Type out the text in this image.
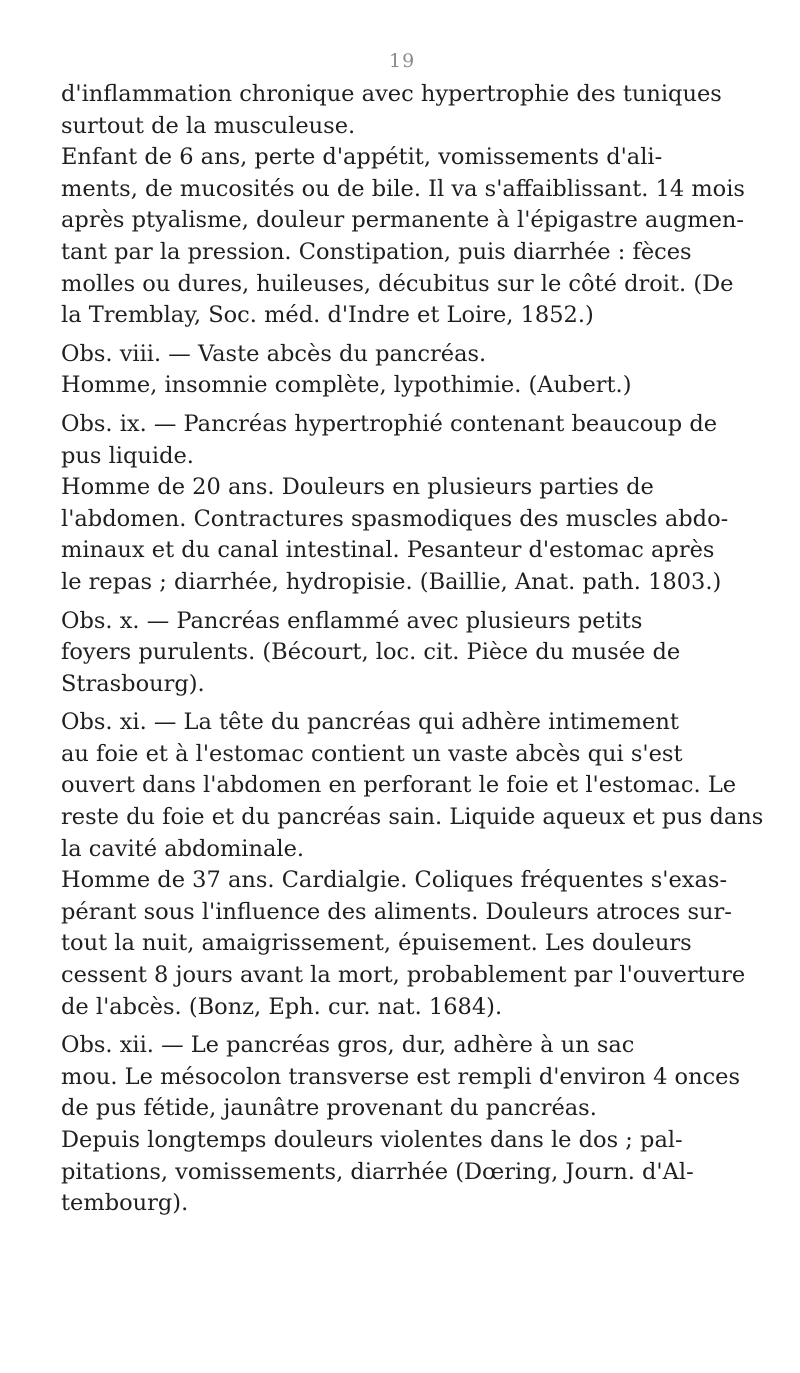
19
d'inflammation chronique avec hypertrophie des tuniques
surtout de la musculeuse.
Enfant de 6 ans, perte d'appétit, vomissements d'ali-
ments, de mucosités ou de bile. Il va s'affaiblissant. 14 mois
après ptyalisme, douleur permanente à l'épigastre augmen-
tant par la pression. Constipation, puis diarrhée : fèces
molles ou dures, huileuses, décubitus sur le côté droit. (De
la Tremblay, Soc. méd. d'Indre et Loire, 1852.)
Obs. viii. — Vaste abcès du pancréas.
Homme, insomnie complète, lypothimie. (Aubert.)
Obs. ix. — Pancréas hypertrophié contenant beaucoup de
pus liquide.
Homme de 20 ans. Douleurs en plusieurs parties de
l'abdomen. Contractures spasmodiques des muscles abdo-
minaux et du canal intestinal. Pesanteur d'estomac après
le repas ; diarrhée, hydropisie. (Baillie, Anat. path. 1803.)
Obs. x. — Pancréas enflammé avec plusieurs petits
foyers purulents. (Bécourt, loc. cit. Pièce du musée de
Strasbourg).
Obs. xi. — La tête du pancréas qui adhère intimement
au foie et à l'estomac contient un vaste abcès qui s'est
ouvert dans l'abdomen en perforant le foie et l'estomac. Le
reste du foie et du pancréas sain. Liquide aqueux et pus dans
la cavité abdominale.
Homme de 37 ans. Cardialgie. Coliques fréquentes s'exas-
pérant sous l'influence des aliments. Douleurs atroces sur-
tout la nuit, amaigrissement, épuisement. Les douleurs
cessent 8 jours avant la mort, probablement par l'ouverture
de l'abcès. (Bonz, Eph. cur. nat. 1684).
Obs. xii. — Le pancréas gros, dur, adhère à un sac
mou. Le mésocolon transverse est rempli d'environ 4 onces
de pus fétide, jaunâtre provenant du pancréas.
Depuis longtemps douleurs violentes dans le dos ; pal-
pitations, vomissements, diarrhée (Dœring, Journ. d'Al-
tembourg).
